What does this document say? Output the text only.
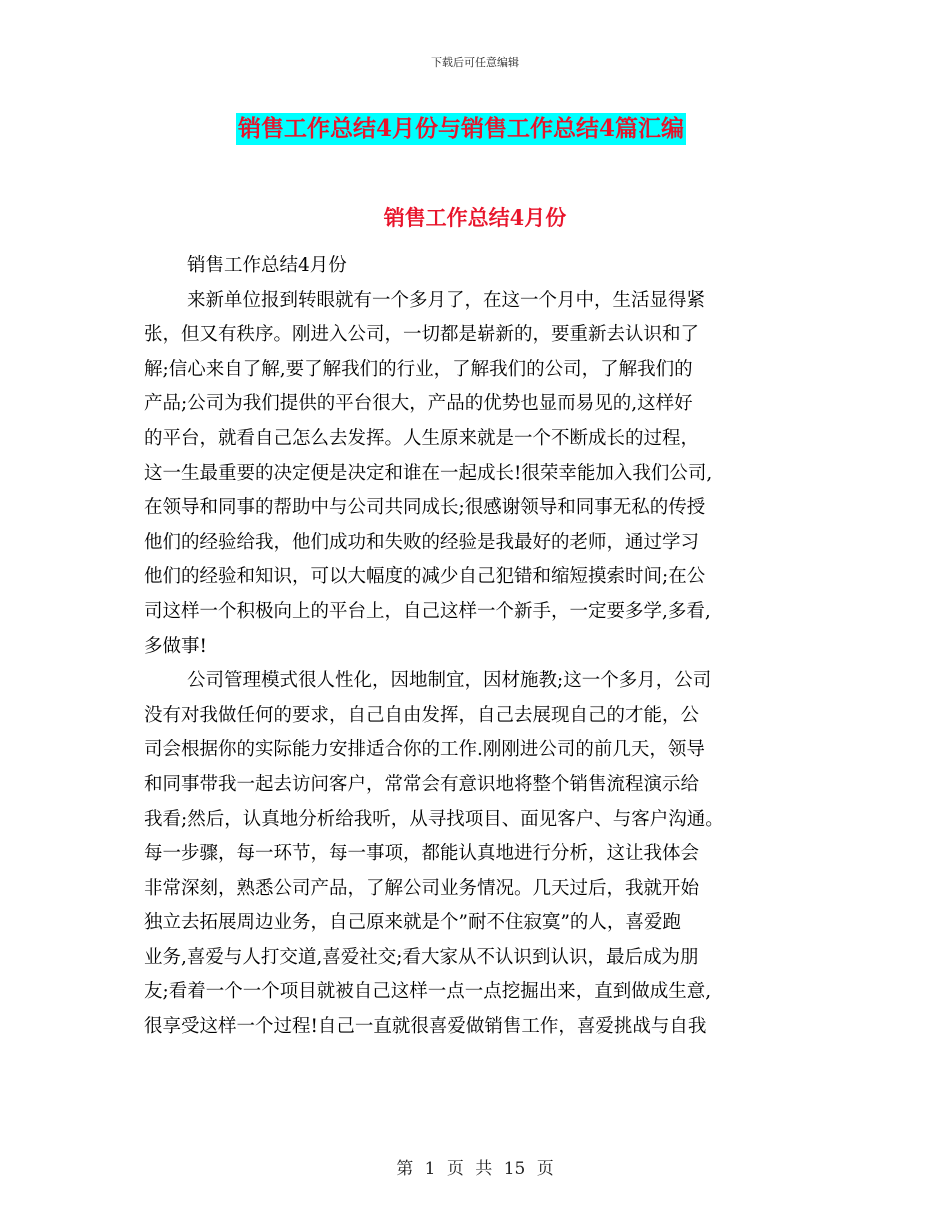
下载后可任意编辑
销售工作总结4月份与销售工作总结4篇汇编
销售工作总结4月份
销售工作总结4月份
来新单位报到转眼就有一个多月了，在这一个月中，生活显得紧
张，但又有秩序。刚进入公司，一切都是崭新的，要重新去认识和了
解;信心来自了解,要了解我们的行业，了解我们的公司，了解我们的
产品;公司为我们提供的平台很大，产品的优势也显而易见的,这样好
的平台，就看自己怎么去发挥。人生原来就是一个不断成长的过程，
这一生最重要的决定便是决定和谁在一起成长!很荣幸能加入我们公司,
在领导和同事的帮助中与公司共同成长;很感谢领导和同事无私的传授
他们的经验给我，他们成功和失败的经验是我最好的老师，通过学习
他们的经验和知识，可以大幅度的减少自己犯错和缩短摸索时间;在公
司这样一个积极向上的平台上，自己这样一个新手，一定要多学,多看,
多做事!
公司管理模式很人性化，因地制宜，因材施教;这一个多月，公司
没有对我做任何的要求，自己自由发挥，自己去展现自己的才能，公
司会根据你的实际能力安排适合你的工作.刚刚进公司的前几天，领导
和同事带我一起去访问客户，常常会有意识地将整个销售流程演示给
我看;然后，认真地分析给我听，从寻找项目、面见客户、与客户沟通。
每一步骤，每一环节，每一事项，都能认真地进行分析，这让我体会
非常深刻，熟悉公司产品，了解公司业务情况。几天过后，我就开始
独立去拓展周边业务，自己原来就是个”耐不住寂寞”的人，喜爱跑
业务,喜爱与人打交道,喜爱社交;看大家从不认识到认识，最后成为朋
友;看着一个一个项目就被自己这样一点一点挖掘出来，直到做成生意,
很享受这样一个过程!自己一直就很喜爱做销售工作，喜爱挑战与自我
第 1 页 共 15 页
